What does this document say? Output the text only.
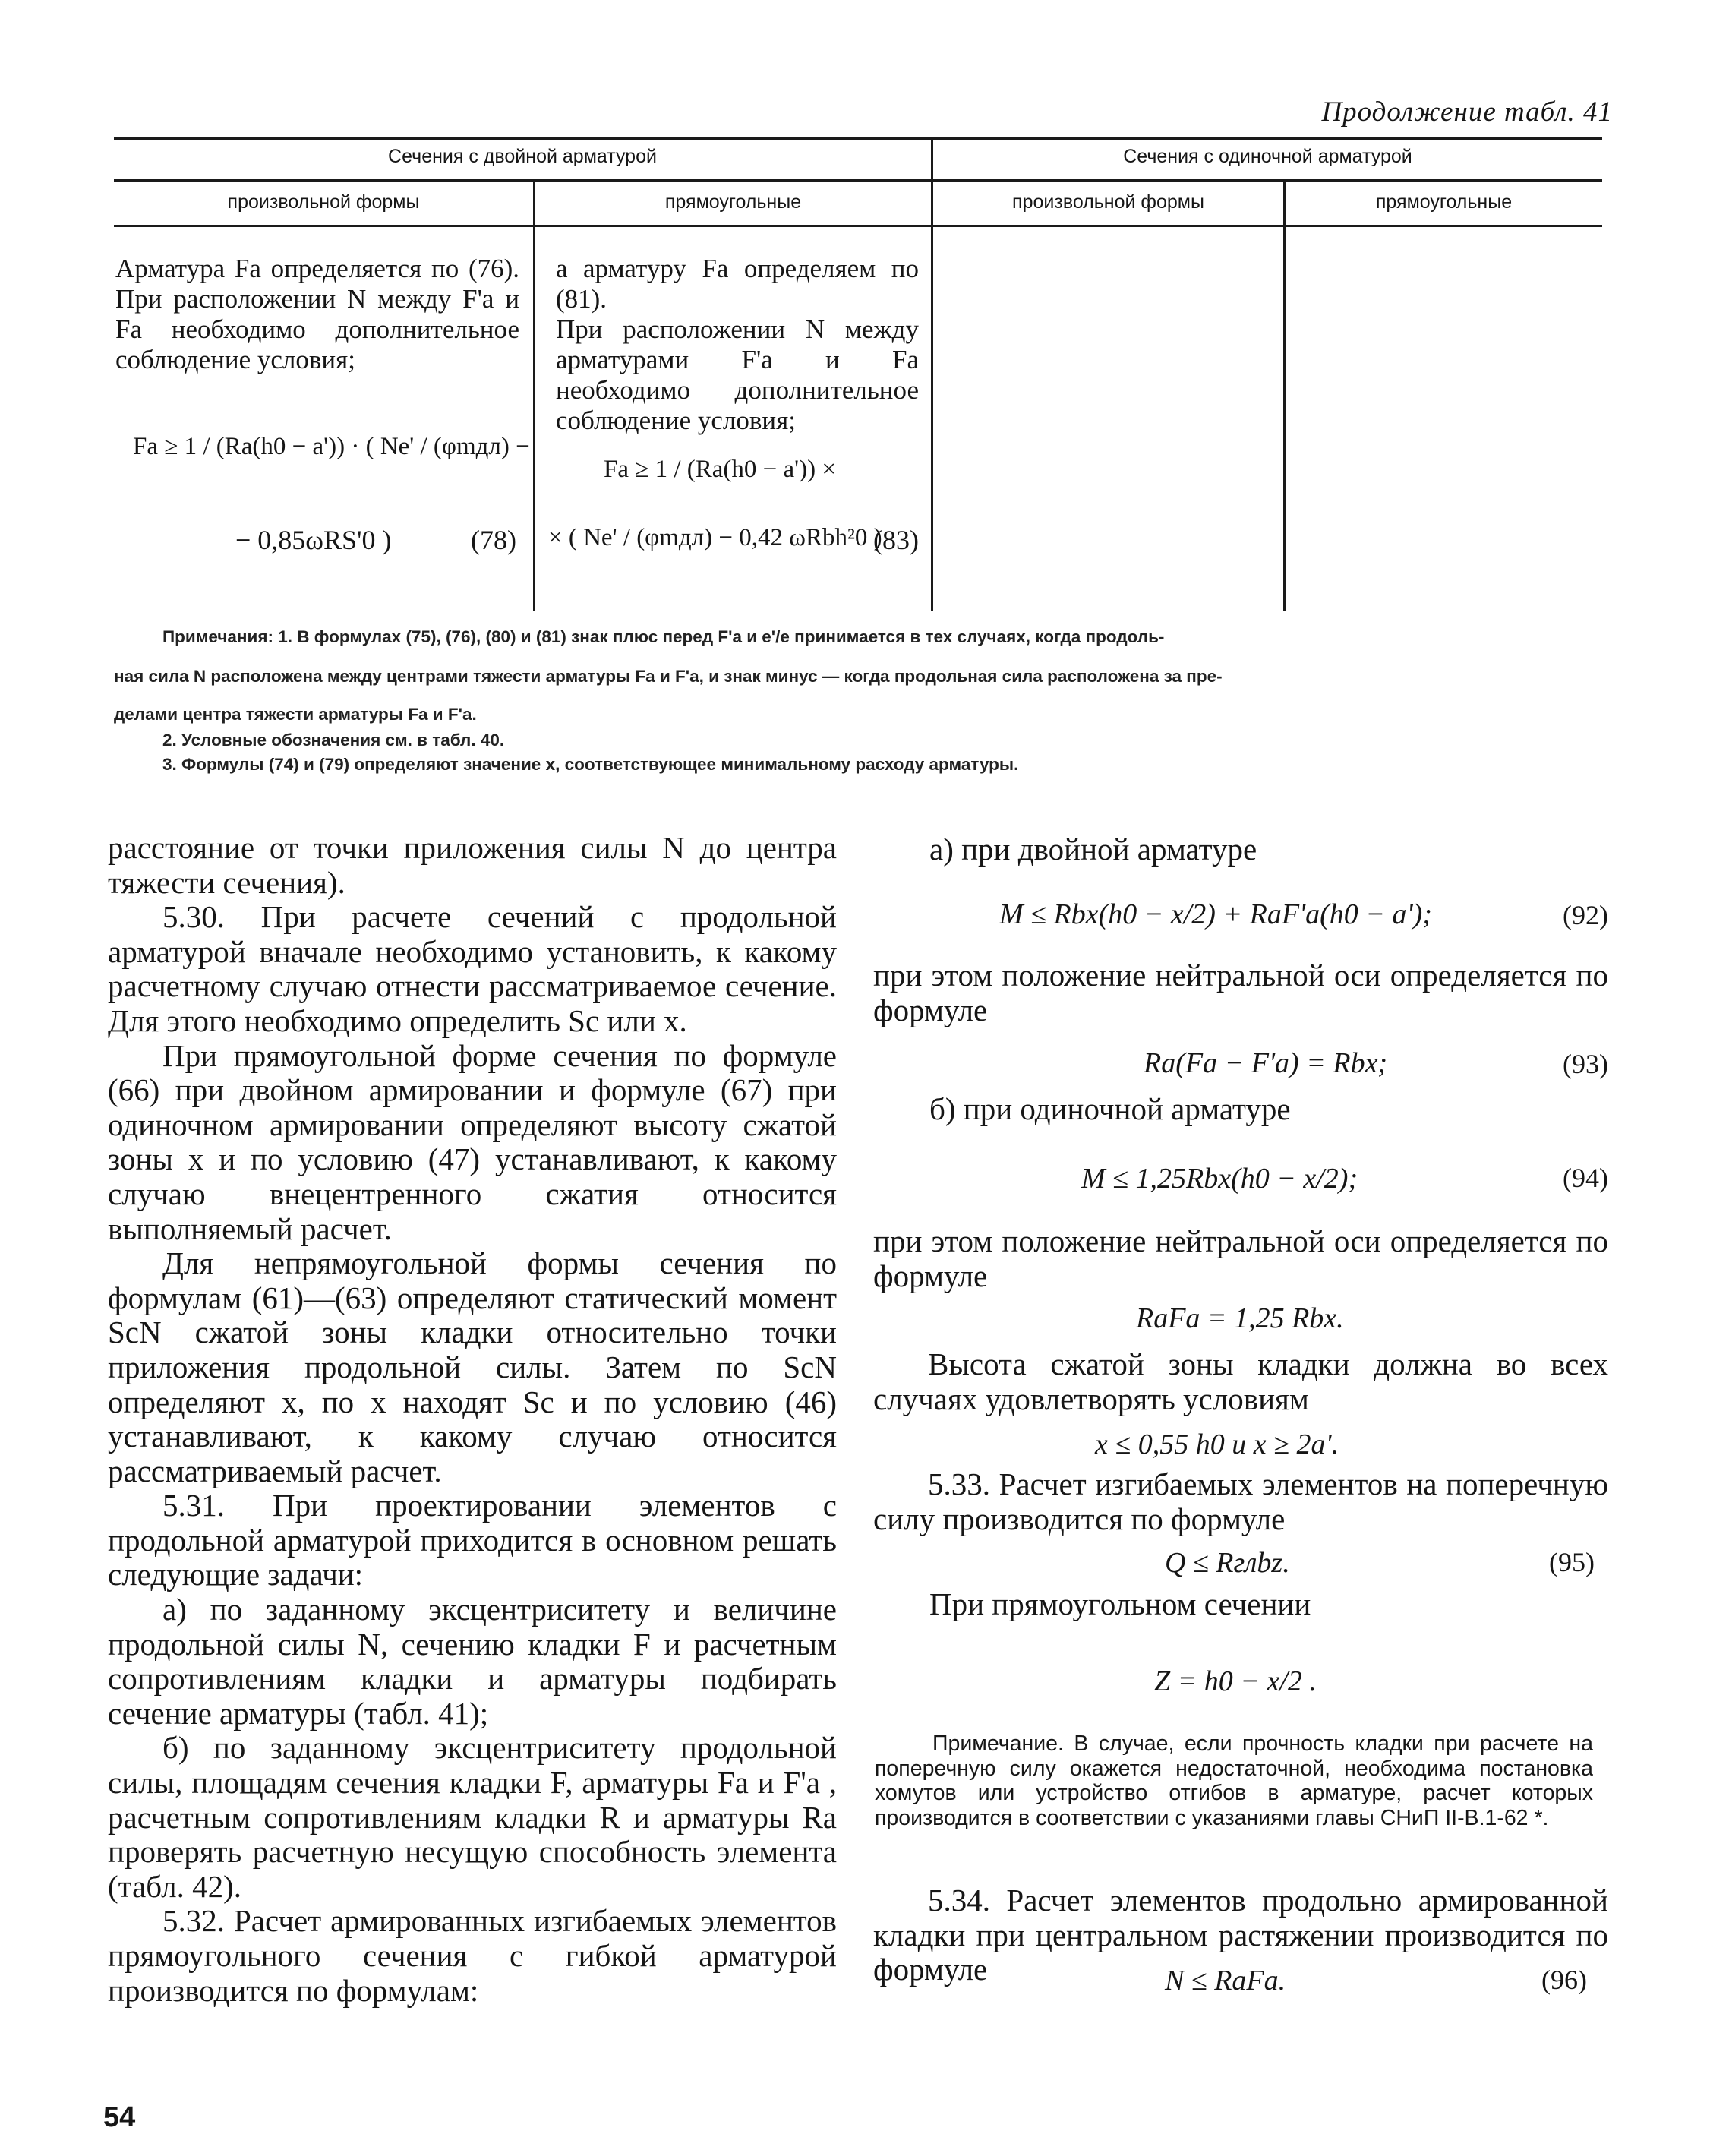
Продолжение табл. 41
Сечения с двойной арматурой	Сечения с одиночной арматурой
произвольной формы	прямоугольные	произвольной формы	прямоугольные
Арматура Fa определяется по (76). При расположении N между F'a и Fa необходимо дополнительное соблюдение условия;
Fa ≥ 1 / (Ra(h0 − a')) · ( Ne' / (φmдл) −
− 0,85ωRS'0 )	(78)

а арматуру Fa определяем по (81).

При расположении N между арматурами F'a и Fa необходимо дополнительное соблюдение условия;

Fa ≥ 1 / (Ra(h0 − a')) ×
× ( Ne' / (φmдл) − 0,42 ωRbh²0 )
(83)
Примечания: 1. В формулах (75), (76), (80) и (81) знак плюс перед F'a и e'/e принимается в тех случаях, когда продоль-
ная сила N расположена между центрами тяжести арматуры Fa и F'a, и знак минус — когда продольная сила расположена за пре-
делами центра тяжести арматуры Fa и F'a.
2. Условные обозначения см. в табл. 40.
3. Формулы (74) и (79) определяют значение x, соответствующее минимальному расходу арматуры.

расстояние от точки приложения силы N до центра тяжести сечения).

5.30. При расчете сечений с продольной арматурой вначале необходимо установить, к какому расчетному случаю отнести рассматриваемое сечение. Для этого необходимо определить Sc или x.

При прямоугольной форме сечения по формуле (66) при двойном армировании и формуле (67) при одиночном армировании определяют высоту сжатой зоны x и по условию (47) устанавливают, к какому случаю внецентренного сжатия относится выполняемый расчет.

Для непрямоугольной формы сечения по формулам (61)—(63) определяют статический момент ScN сжатой зоны кладки относительно точки приложения продольной силы. Затем по ScN определяют x, по x находят Sc и по условию (46) устанавливают, к какому случаю относится рассматриваемый расчет.

5.31. При проектировании элементов с продольной арматурой приходится в основном решать следующие задачи:

а) по заданному эксцентриситету и величине продольной силы N, сечению кладки F и расчетным сопротивлениям кладки и арматуры подбирать сечение арматуры (табл. 41);

б) по заданному эксцентриситету продольной силы, площадям сечения кладки F, арматуры Fa и F'a , расчетным сопротивлениям кладки R и арматуры Ra проверять расчетную несущую способность элемента (табл. 42).

5.32. Расчет армированных изгибаемых элементов прямоугольного сечения с гибкой арматурой производится по формулам:

а) при двойной арматуре
M ≤ Rbx(h0 − x/2) + RaF'a(h0 − a');	(92)

при этом положение нейтральной оси определяется по формуле

Ra(Fa − F'a) = Rbx;	(93)
б) при одиночной арматуре
M ≤ 1,25Rbx(h0 − x/2);	(94)

при этом положение нейтральной оси определяется по формуле

RaFa = 1,25 Rbx.

Высота сжатой зоны кладки должна во всех случаях удовлетворять условиям

x ≤ 0,55 h0 и x ≥ 2a'.

5.33. Расчет изгибаемых элементов на поперечную силу производится по формуле

Q ≤ Rглbz.	(95)
При прямоугольном сечении
Z = h0 − x/2 .
Примечание. В случае, если прочность кладки при расчете на поперечную силу окажется недостаточной, необходима постановка хомутов или устройство отгибов в арматуре, расчет которых производится в соответствии с указаниями главы СНиП II-В.1-62 *.

5.34. Расчет элементов продольно армированной кладки при центральном растяжении производится по формуле	N ≤ RaFa.	(96)
54
